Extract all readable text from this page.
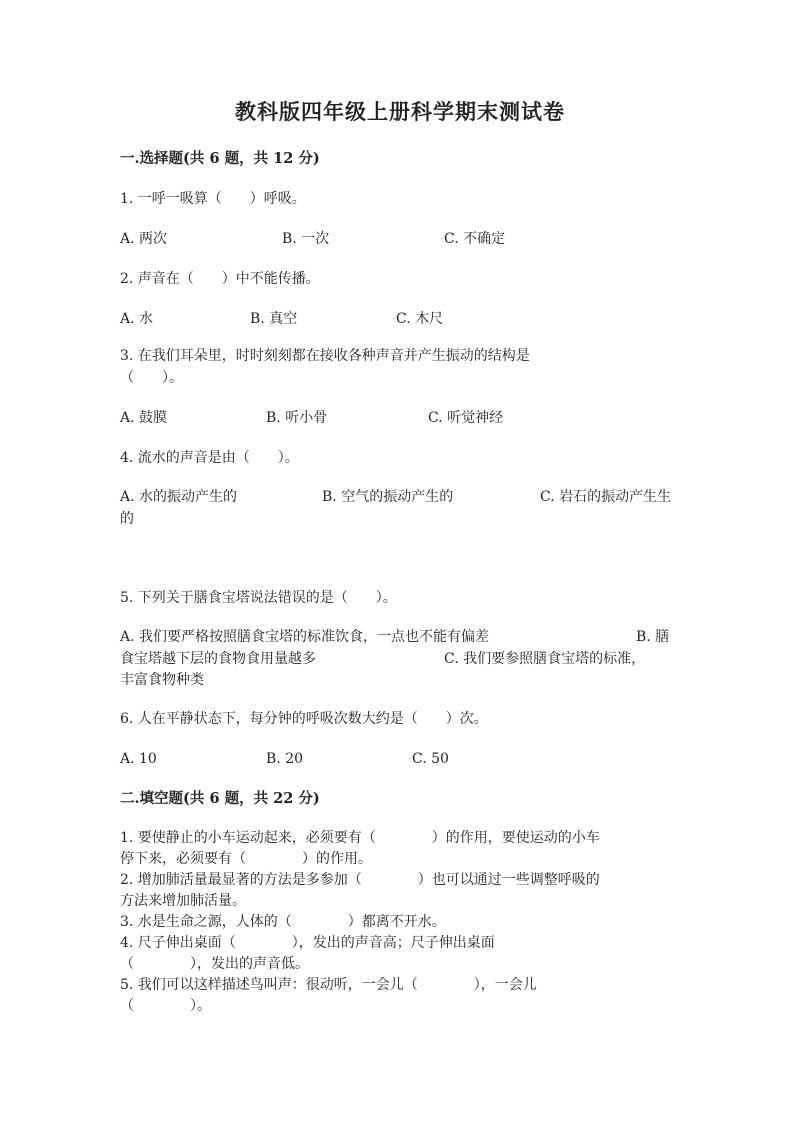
教科版四年级上册科学期末测试卷
一.选择题(共 6 题，共 12 分)
1. 一呼一吸算（　　）呼吸。
A. 两次	B. 一次	C. 不确定
2. 声音在（　　）中不能传播。
A. 水	B. 真空	C. 木尺
3. 在我们耳朵里，时时刻刻都在接收各种声音并产生振动的结构是
（　　）。
A. 鼓膜	B. 听小骨	C. 听觉神经
4. 流水的声音是由（　　）。
A. 水的振动产生的	B. 空气的振动产生的	C. 岩石的振动产生生
的
5. 下列关于膳食宝塔说法错误的是（　　）。
A. 我们要严格按照膳食宝塔的标准饮食，一点也不能有偏差	B. 膳
食宝塔越下层的食物食用量越多	C. 我们要参照膳食宝塔的标准，
丰富食物种类
6. 人在平静状态下，每分钟的呼吸次数大约是（　　）次。
A. 10	B. 20	C. 50
二.填空题(共 6 题，共 22 分)
1. 要使静止的小车运动起来，必须要有（　　　　）的作用，要使运动的小车
停下来，必须要有（　　　　）的作用。
2. 增加肺活量最显著的方法是多参加（　　　　）也可以通过一些调整呼吸的
方法来增加肺活量。
3. 水是生命之源，人体的（　　　　）都离不开水。
4. 尺子伸出桌面（　　　　），发出的声音高；尺子伸出桌面
（　　　　），发出的声音低。
5. 我们可以这样描述鸟叫声：很动听，一会儿（　　　　），一会儿
（　　　　）。
